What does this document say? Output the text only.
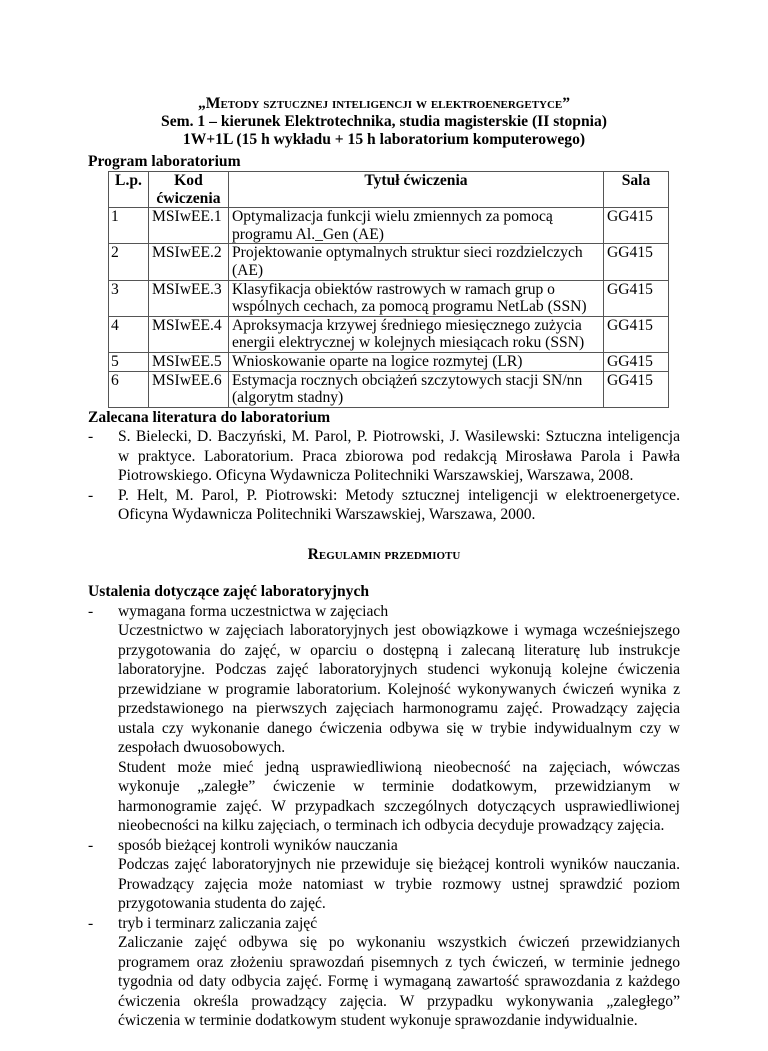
„Metody sztucznej inteligencji w elektroenergetyce”
Sem. 1 – kierunek Elektrotechnika, studia magisterskie (II stopnia)
1W+1L (15 h wykładu + 15 h laboratorium komputerowego)
Program laboratorium
L.p.	Kod ćwiczenia	Tytuł ćwiczenia	Sala
1	MSIwEE.1	Optymalizacja funkcji wielu zmiennych za pomocą programu Al._Gen (AE)	GG415
2	MSIwEE.2	Projektowanie optymalnych struktur sieci rozdzielczych (AE)	GG415
3	MSIwEE.3	Klasyfikacja obiektów rastrowych w ramach grup o wspólnych cechach, za pomocą programu NetLab (SSN)	GG415
4	MSIwEE.4	Aproksymacja krzywej średniego miesięcznego zużycia energii elektrycznej w kolejnych miesiącach roku (SSN)	GG415
5	MSIwEE.5	Wnioskowanie oparte na logice rozmytej (LR)	GG415
6	MSIwEE.6	Estymacja rocznych obciążeń szczytowych stacji SN/nn (algorytm stadny)	GG415
Zalecana literatura do laboratorium
- S. Bielecki, D. Baczyński, M. Parol, P. Piotrowski, J. Wasilewski: Sztuczna inteligencja
w praktyce. Laboratorium. Praca zbiorowa pod redakcją Mirosława Parola i Pawła
Piotrowskiego. Oficyna Wydawnicza Politechniki Warszawskiej, Warszawa, 2008.
- P. Helt, M. Parol, P. Piotrowski: Metody sztucznej inteligencji w elektroenergetyce.
Oficyna Wydawnicza Politechniki Warszawskiej, Warszawa, 2000.
Regulamin przedmiotu
Ustalenia dotyczące zajęć laboratoryjnych
- wymagana forma uczestnictwa w zajęciach
Uczestnictwo w zajęciach laboratoryjnych jest obowiązkowe i wymaga wcześniejszego
przygotowania do zajęć, w oparciu o dostępną i zalecaną literaturę lub instrukcje
laboratoryjne. Podczas zajęć laboratoryjnych studenci wykonują kolejne ćwiczenia
przewidziane w programie laboratorium. Kolejność wykonywanych ćwiczeń wynika z
przedstawionego na pierwszych zajęciach harmonogramu zajęć. Prowadzący zajęcia
ustala czy wykonanie danego ćwiczenia odbywa się w trybie indywidualnym czy w
zespołach dwuosobowych.
Student może mieć jedną usprawiedliwioną nieobecność na zajęciach, wówczas
wykonuje „zaległe” ćwiczenie w terminie dodatkowym, przewidzianym w
harmonogramie zajęć. W przypadkach szczególnych dotyczących usprawiedliwionej
nieobecności na kilku zajęciach, o terminach ich odbycia decyduje prowadzący zajęcia.
- sposób bieżącej kontroli wyników nauczania
Podczas zajęć laboratoryjnych nie przewiduje się bieżącej kontroli wyników nauczania.
Prowadzący zajęcia może natomiast w trybie rozmowy ustnej sprawdzić poziom
przygotowania studenta do zajęć.
- tryb i terminarz zaliczania zajęć
Zaliczanie zajęć odbywa się po wykonaniu wszystkich ćwiczeń przewidzianych
programem oraz złożeniu sprawozdań pisemnych z tych ćwiczeń, w terminie jednego
tygodnia od daty odbycia zajęć. Formę i wymaganą zawartość sprawozdania z każdego
ćwiczenia określa prowadzący zajęcia. W przypadku wykonywania „zaległego”
ćwiczenia w terminie dodatkowym student wykonuje sprawozdanie indywidualnie.
